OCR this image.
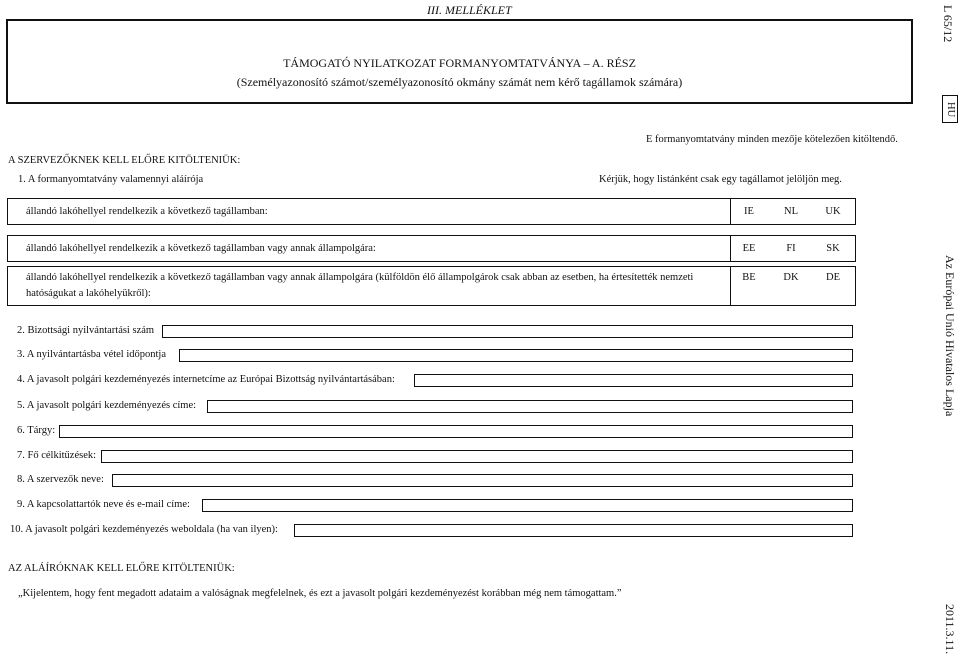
III. MELLÉKLET
TÁMOGATÓ NYILATKOZAT FORMANYOMTATVÁNYA – A. RÉSZ
(Személyazonosító számot/személyazonosító okmány számát nem kérő tagállamok számára)
E formanyomtatvány minden mezője kötelezően kitöltendő.
A SZERVEZŐKNEK KELL ELŐRE KITÖLTENIÜK:
1. A formanyomtatvány valamennyi aláírója	Kérjük, hogy listánként csak egy tagállamot jelöljön meg.
állandó lakóhellyel rendelkezik a következő tagállamban:	IE	NL	UK
állandó lakóhellyel rendelkezik a következő tagállamban vagy annak állampolgára:	EE	FI	SK
állandó lakóhellyel rendelkezik a következő tagállamban vagy annak állampolgára (külföldön élő állampolgárok csak abban az esetben, ha értesítették nemzeti
hatóságukat a lakóhelyükről):
BE	DK	DE
2. Bizottsági nyilvántartási szám
3. A nyilvántartásba vétel időpontja
4. A javasolt polgári kezdeményezés internetcíme az Európai Bizottság nyilvántartásában:
5. A javasolt polgári kezdeményezés címe:
6. Tárgy:
7. Fő célkitűzések:
8. A szervezők neve:
9. A kapcsolattartók neve és e-mail címe:
10. A javasolt polgári kezdeményezés weboldala (ha van ilyen):
AZ ALÁÍRÓKNAK KELL ELŐRE KITÖLTENIÜK:
„Kijelentem, hogy fent megadott adataim a valóságnak megfelelnek, és ezt a javasolt polgári kezdeményezést korábban még nem támogattam.”
L 65/12
HU
Az Európai Unió Hivatalos Lapja
2011.3.11.
